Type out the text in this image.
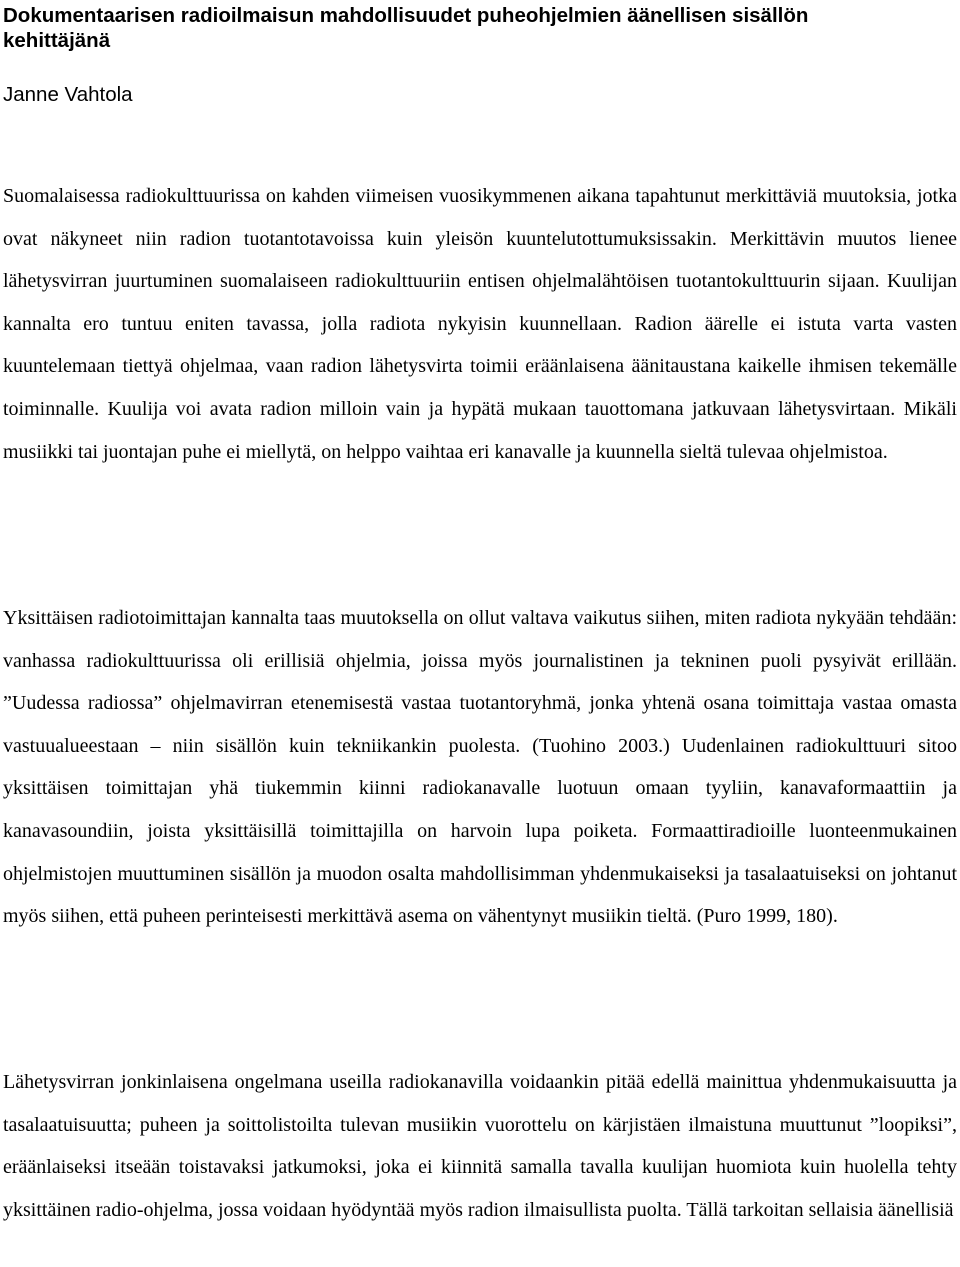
Dokumentaarisen radioilmaisun mahdollisuudet puheohjelmien äänellisen sisällön kehittäjänä

Janne Vahtola

Suomalaisessa radiokulttuurissa on kahden viimeisen vuosikymmenen aikana tapahtunut merkittäviä muutoksia, jotka ovat näkyneet niin radion tuotantotavoissa kuin yleisön kuuntelutottumuksissakin. Merkittävin muutos lienee lähetysvirran juurtuminen suomalaiseen radiokulttuuriin entisen ohjelmalähtöisen tuotantokulttuurin sijaan. Kuulijan kannalta ero tuntuu eniten tavassa, jolla radiota nykyisin kuunnellaan. Radion äärelle ei istuta varta vasten kuuntelemaan tiettyä ohjelmaa, vaan radion lähetysvirta toimii eräänlaisena äänitaustana kaikelle ihmisen tekemälle toiminnalle. Kuulija voi avata radion milloin vain ja hypätä mukaan tauottomana jatkuvaan lähetysvirtaan. Mikäli musiikki tai juontajan puhe ei miellytä, on helppo vaihtaa eri kanavalle ja kuunnella sieltä tulevaa ohjelmistoa.

Yksittäisen radiotoimittajan kannalta taas muutoksella on ollut valtava vaikutus siihen, miten radiota nykyään tehdään: vanhassa radiokulttuurissa oli erillisiä ohjelmia, joissa myös journalistinen ja tekninen puoli pysyivät erillään. ”Uudessa radiossa” ohjelmavirran etenemisestä vastaa tuotantoryhmä, jonka yhtenä osana toimittaja vastaa omasta vastuualueestaan – niin sisällön kuin tekniikankin puolesta. (Tuohino 2003.) Uudenlainen radiokulttuuri sitoo yksittäisen toimittajan yhä tiukemmin kiinni radiokanavalle luotuun omaan tyyliin, kanavaformaattiin ja kanavasoundiin, joista yksittäisillä toimittajilla on harvoin lupa poiketa. Formaattiradioille luonteenmukainen ohjelmistojen muuttuminen sisällön ja muodon osalta mahdollisimman yhdenmukaiseksi ja tasalaatuiseksi on johtanut myös siihen, että puheen perinteisesti merkittävä asema on vähentynyt musiikin tieltä. (Puro 1999, 180).

Lähetysvirran jonkinlaisena ongelmana useilla radiokanavilla voidaankin pitää edellä mainittua yhdenmukaisuutta ja tasalaatuisuutta; puheen ja soittolistoilta tulevan musiikin vuorottelu on kärjistäen ilmaistuna muuttunut ”loopiksi”, eräänlaiseksi itseään toistavaksi jatkumoksi, joka ei kiinnitä samalla tavalla kuulijan huomiota kuin huolella tehty yksittäinen radio-ohjelma, jossa voidaan hyödyntää myös radion ilmaisullista puolta. Tällä tarkoitan sellaisia äänellisiä
